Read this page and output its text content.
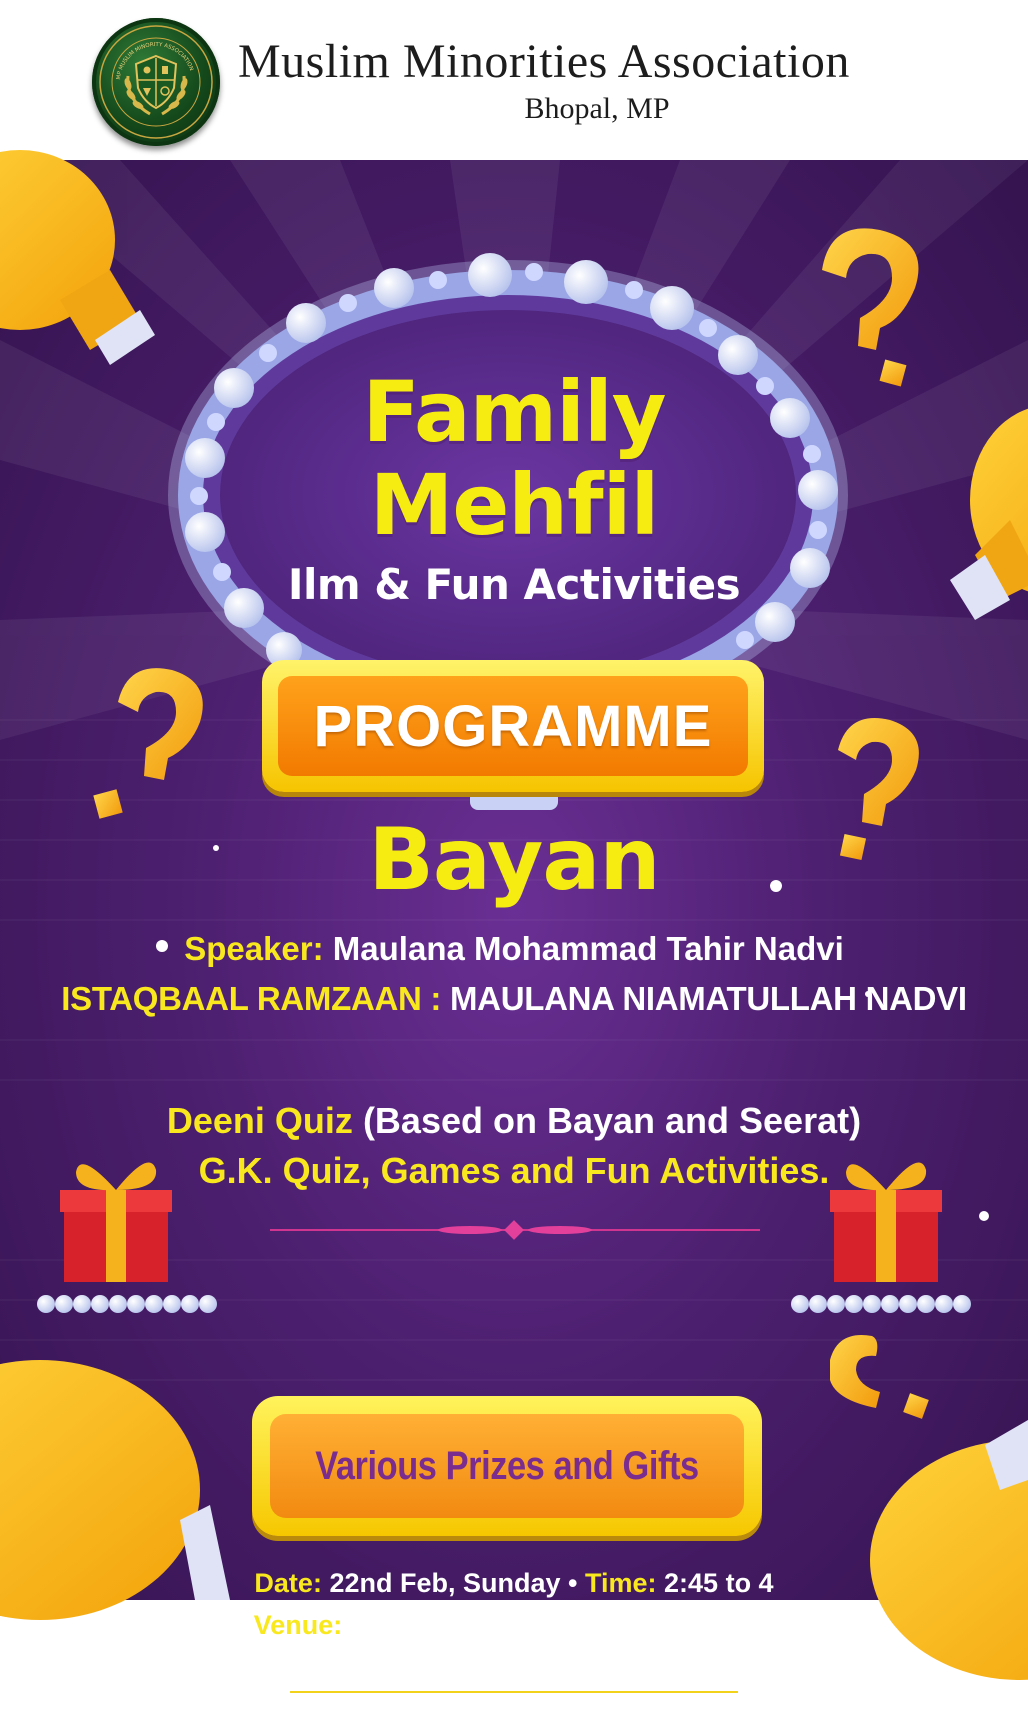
MP MUSLIM MINORITY ASSOCIATION Muslim Minorities Association
Bhopal, MP
Family
Mehfil
Ilm & Fun Activities
PROGRAMME
Bayan
Speaker: Maulana Mohammad Tahir Nadvi
ISTAQBAAL RAMZAAN : MAULANA NIAMATULLAH NADVI
Deeni Quiz (Based on Bayan and Seerat)
G.K. Quiz, Games and Fun Activities.
Various Prizes and Gifts
Date: 22nd Feb, Sunday • Time: 2:45 to 4
Venue: First Floor, Masjid Faiz Bahadrur,
Kamla Park, Bhopal
Invite and bring your family, relatives & friends.
